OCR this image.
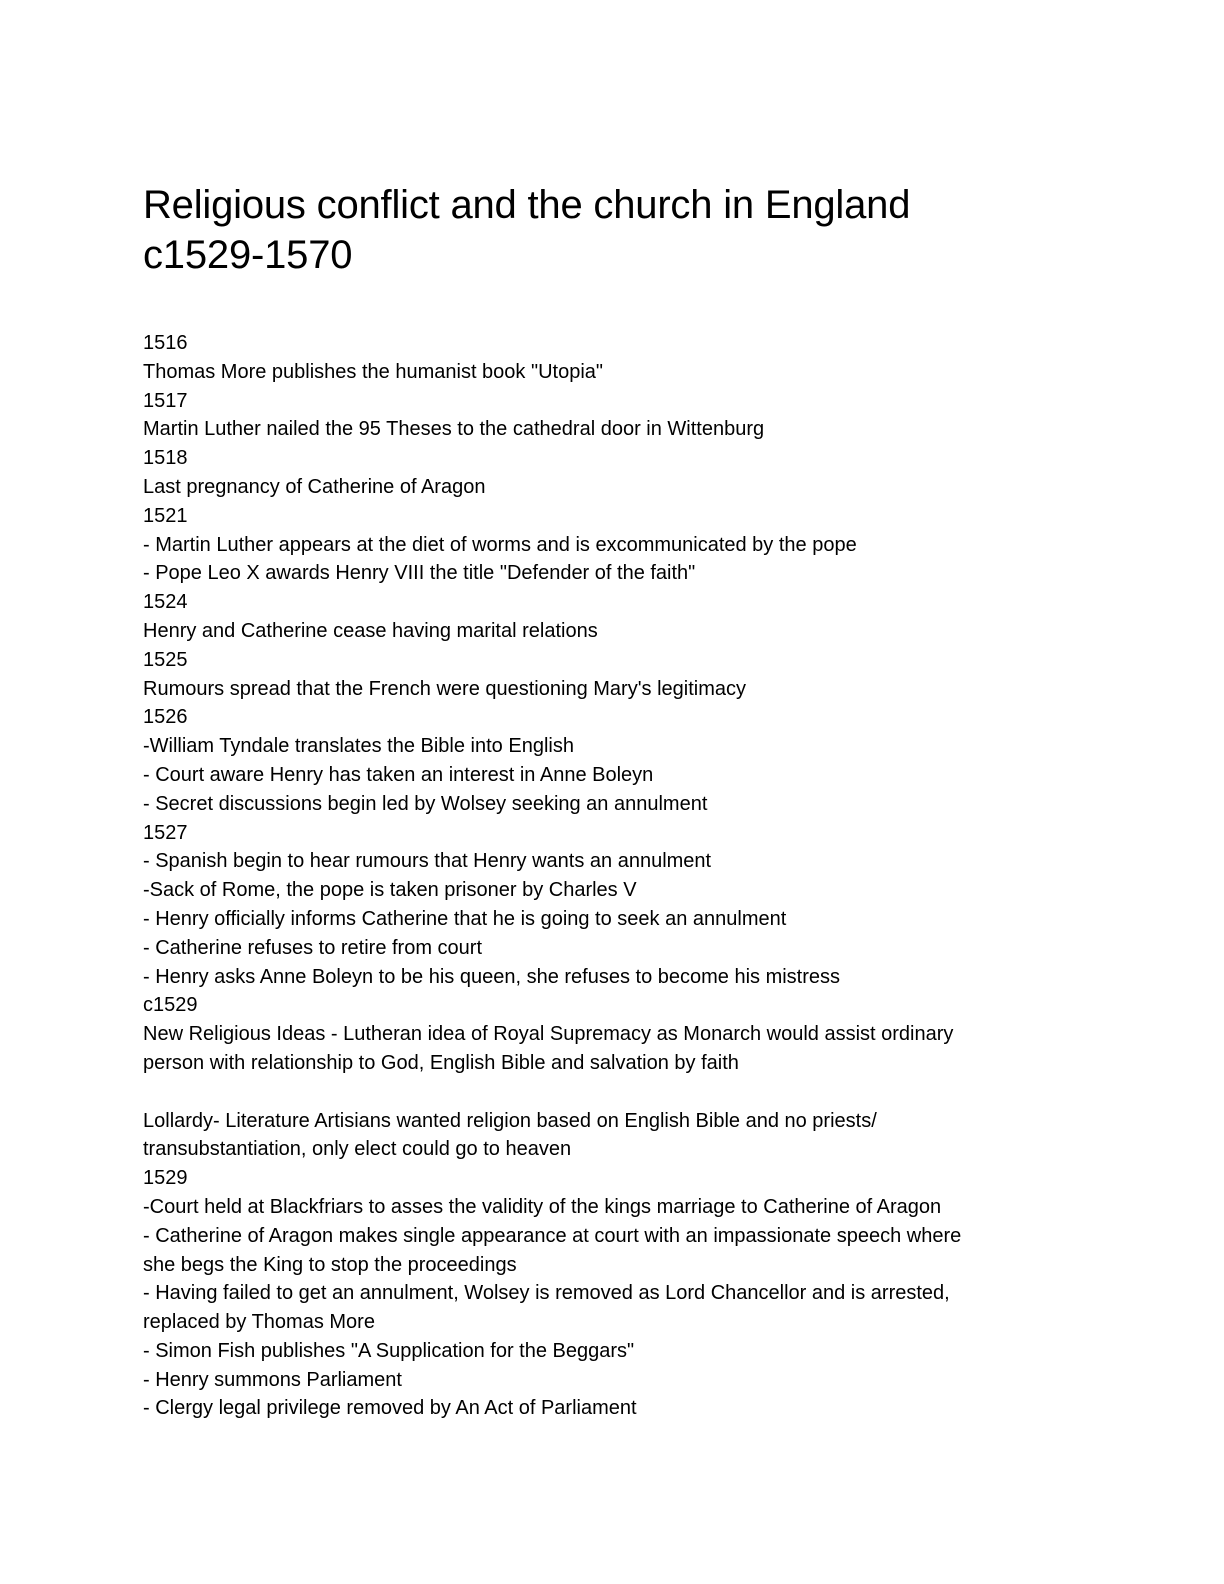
Religious conflict and the church in England
c1529-1570
1516
Thomas More publishes the humanist book "Utopia"
1517
Martin Luther nailed the 95 Theses to the cathedral door in Wittenburg
1518
Last pregnancy of Catherine of Aragon
1521
- Martin Luther appears at the diet of worms and is excommunicated by the pope
- Pope Leo X awards Henry VIII the title "Defender of the faith"
1524
Henry and Catherine cease having marital relations
1525
Rumours spread that the French were questioning Mary's legitimacy
1526
-William Tyndale translates the Bible into English
- Court aware Henry has taken an interest in Anne Boleyn
- Secret discussions begin led by Wolsey seeking an annulment
1527
- Spanish begin to hear rumours that Henry wants an annulment
-Sack of Rome, the pope is taken prisoner by Charles V
- Henry officially informs Catherine that he is going to seek an annulment
- Catherine refuses to retire from court
- Henry asks Anne Boleyn to be his queen, she refuses to become his mistress
c1529
New Religious Ideas - Lutheran idea of Royal Supremacy as Monarch would assist ordinary
person with relationship to God, English Bible and salvation by faith
Lollardy- Literature Artisians wanted religion based on English Bible and no priests/
transubstantiation, only elect could go to heaven
1529
-Court held at Blackfriars to asses the validity of the kings marriage to Catherine of Aragon
- Catherine of Aragon makes single appearance at court with an impassionate speech where
she begs the King to stop the proceedings
- Having failed to get an annulment, Wolsey is removed as Lord Chancellor and is arrested,
replaced by Thomas More
- Simon Fish publishes "A Supplication for the Beggars"
- Henry summons Parliament
- Clergy legal privilege removed by An Act of Parliament
